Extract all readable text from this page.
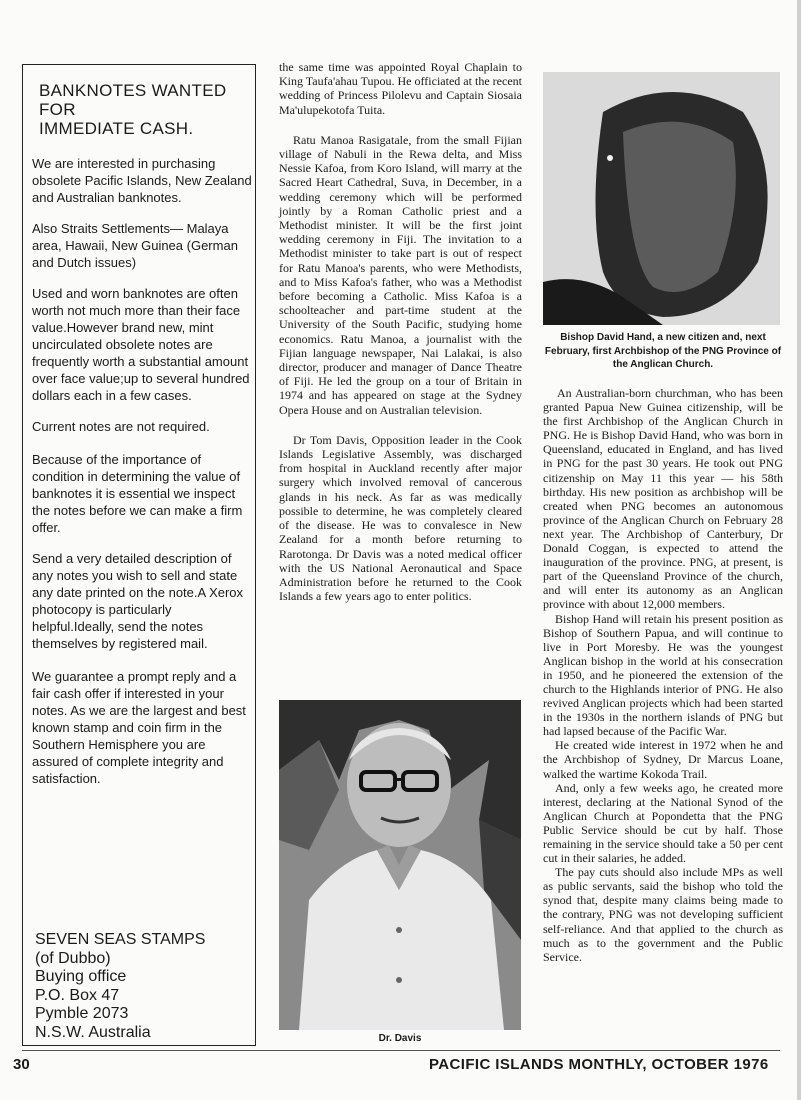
BANKNOTES WANTED
FOR
IMMEDIATE CASH.

We are interested in purchasing obsolete Pacific Islands, New Zealand and Australian banknotes.

Also Straits Settlements— Malaya area, Hawaii, New Guinea (German and Dutch issues)

Used and worn banknotes are often worth not much more than their face value.However brand new, mint uncirculated obsolete notes are frequently worth a substantial amount over face value;up to several hundred dollars each in a few cases.

Current notes are not required.

Because of the importance of condition in determining the value of banknotes it is essential we inspect the notes before we can make a firm offer.

Send a very detailed description of any notes you wish to sell and state any date printed on the note.A Xerox photocopy is particularly helpful.Ideally, send the notes themselves by registered mail.

We guarantee a prompt reply and a fair cash offer if interested in your notes. As we are the largest and best known stamp and coin firm in the Southern Hemisphere you are assured of complete integrity and satisfaction.

SEVEN SEAS STAMPS
(of Dubbo)
Buying office
P.O. Box 47
Pymble 2073
N.S.W. Australia

the same time was appointed Royal Chaplain to King Taufa'ahau Tupou. He officiated at the recent wedding of Princess Pilolevu and Captain Siosaia Ma'ulupekotofa Tuita.

Ratu Manoa Rasigatale, from the small Fijian village of Nabuli in the Rewa delta, and Miss Nessie Kafoa, from Koro Island, will marry at the Sacred Heart Cathedral, Suva, in December, in a wedding ceremony which will be performed jointly by a Roman Catholic priest and a Methodist minister. It will be the first joint wedding ceremony in Fiji. The invitation to a Methodist minister to take part is out of respect for Ratu Manoa's parents, who were Methodists, and to Miss Kafoa's father, who was a Methodist before becoming a Catholic. Miss Kafoa is a schoolteacher and part-time student at the University of the South Pacific, studying home economics. Ratu Manoa, a journalist with the Fijian language newspaper, Nai Lalakai, is also director, producer and manager of Dance Theatre of Fiji. He led the group on a tour of Britain in 1974 and has appeared on stage at the Sydney Opera House and on Australian television.

Dr Tom Davis, Opposition leader in the Cook Islands Legislative Assembly, was discharged from hospital in Auckland recently after major surgery which involved removal of cancerous glands in his neck. As far as was medically possible to determine, he was completely cleared of the disease. He was to convalesce in New Zealand for a month before returning to Rarotonga. Dr Davis was a noted medical officer with the US National Aeronautical and Space Administration before he returned to the Cook Islands a few years ago to enter politics.

Dr. Davis
Bishop David Hand, a new citizen and, next February, first Archbishop of the PNG Province of the Anglican Church.

An Australian-born churchman, who has been granted Papua New Guinea citizenship, will be the first Archbishop of the Anglican Church in PNG. He is Bishop David Hand, who was born in Queensland, educated in England, and has lived in PNG for the past 30 years. He took out PNG citizenship on May 11 this year — his 58th birthday. His new position as archbishop will be created when PNG becomes an autonomous province of the Anglican Church on February 28 next year. The Archbishop of Canterbury, Dr Donald Coggan, is expected to attend the inauguration of the province. PNG, at present, is part of the Queensland Province of the church, and will enter its autonomy as an Anglican province with about 12,000 members.

Bishop Hand will retain his present position as Bishop of Southern Papua, and will continue to live in Port Moresby. He was the youngest Anglican bishop in the world at his consecration in 1950, and he pioneered the extension of the church to the Highlands interior of PNG. He also revived Anglican projects which had been started in the 1930s in the northern islands of PNG but had lapsed because of the Pacific War.

He created wide interest in 1972 when he and the Archbishop of Sydney, Dr Marcus Loane, walked the wartime Kokoda Trail.

And, only a few weeks ago, he created more interest, declaring at the National Synod of the Anglican Church at Popondetta that the PNG Public Service should be cut by half. Those remaining in the service should take a 50 per cent cut in their salaries, he added.

The pay cuts should also include MPs as well as public servants, said the bishop who told the synod that, despite many claims being made to the contrary, PNG was not developing sufficient self-reliance. And that applied to the church as much as to the government and the Public Service.

30	PACIFIC ISLANDS MONTHLY, OCTOBER 1976
